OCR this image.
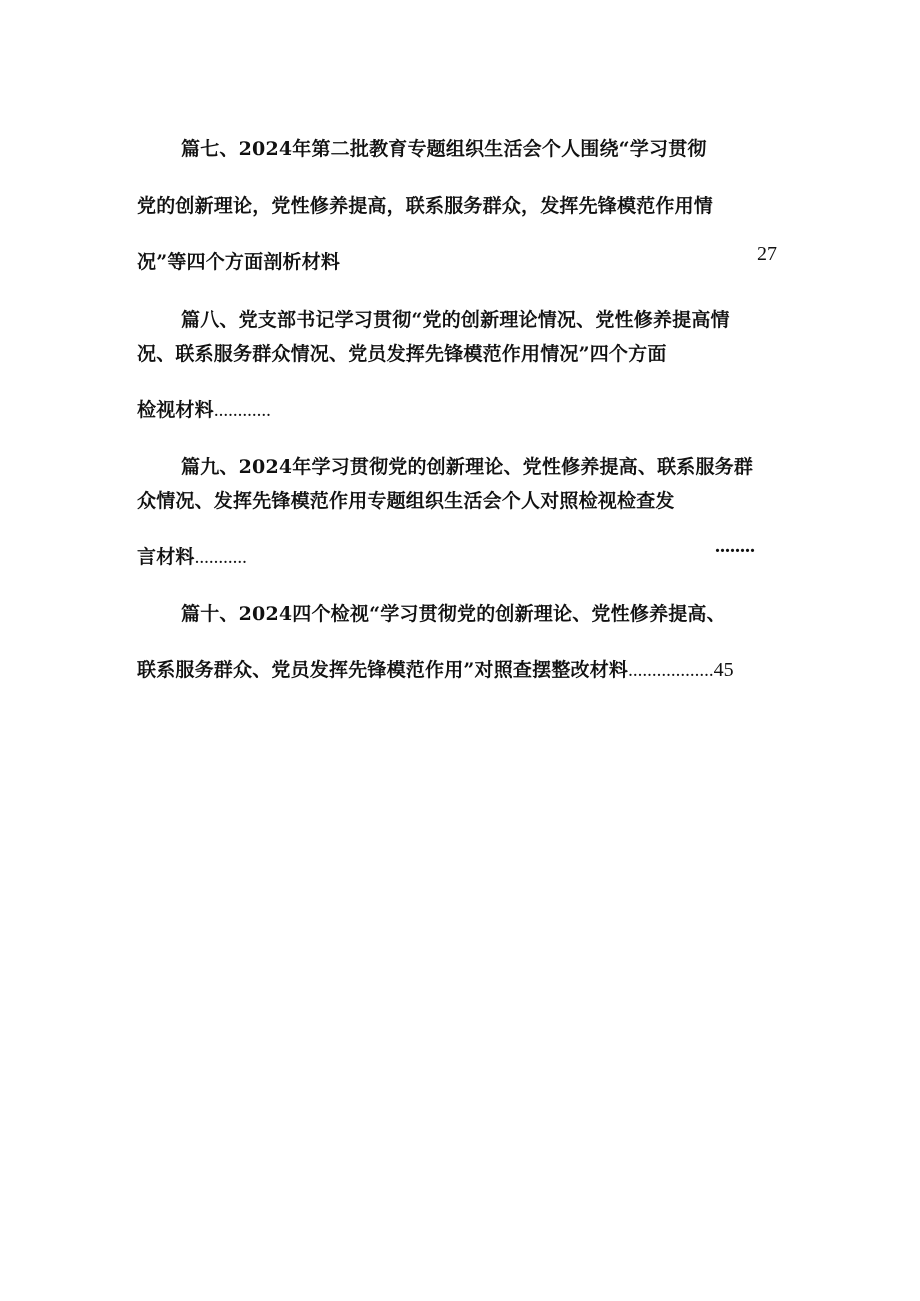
篇七、2024年第二批教育专题组织生活会个人围绕“学习贯彻
党的创新理论，党性修养提高，联系服务群众，发挥先锋模范作用情
况”等四个方面剖析材料	27
篇八、党支部书记学习贯彻“党的创新理论情况、党性修养提高情
况、联系服务群众情况、党员发挥先锋模范作用情况”四个方面
检视材料............
篇九、2024年学习贯彻党的创新理论、党性修养提高、联系服务群
众情况、发挥先锋模范作用专题组织生活会个人对照检视检查发
言材料...........
........
篇十、2024四个检视“学习贯彻党的创新理论、党性修养提高、
联系服务群众、党员发挥先锋模范作用”对照查摆整改材料..................45
